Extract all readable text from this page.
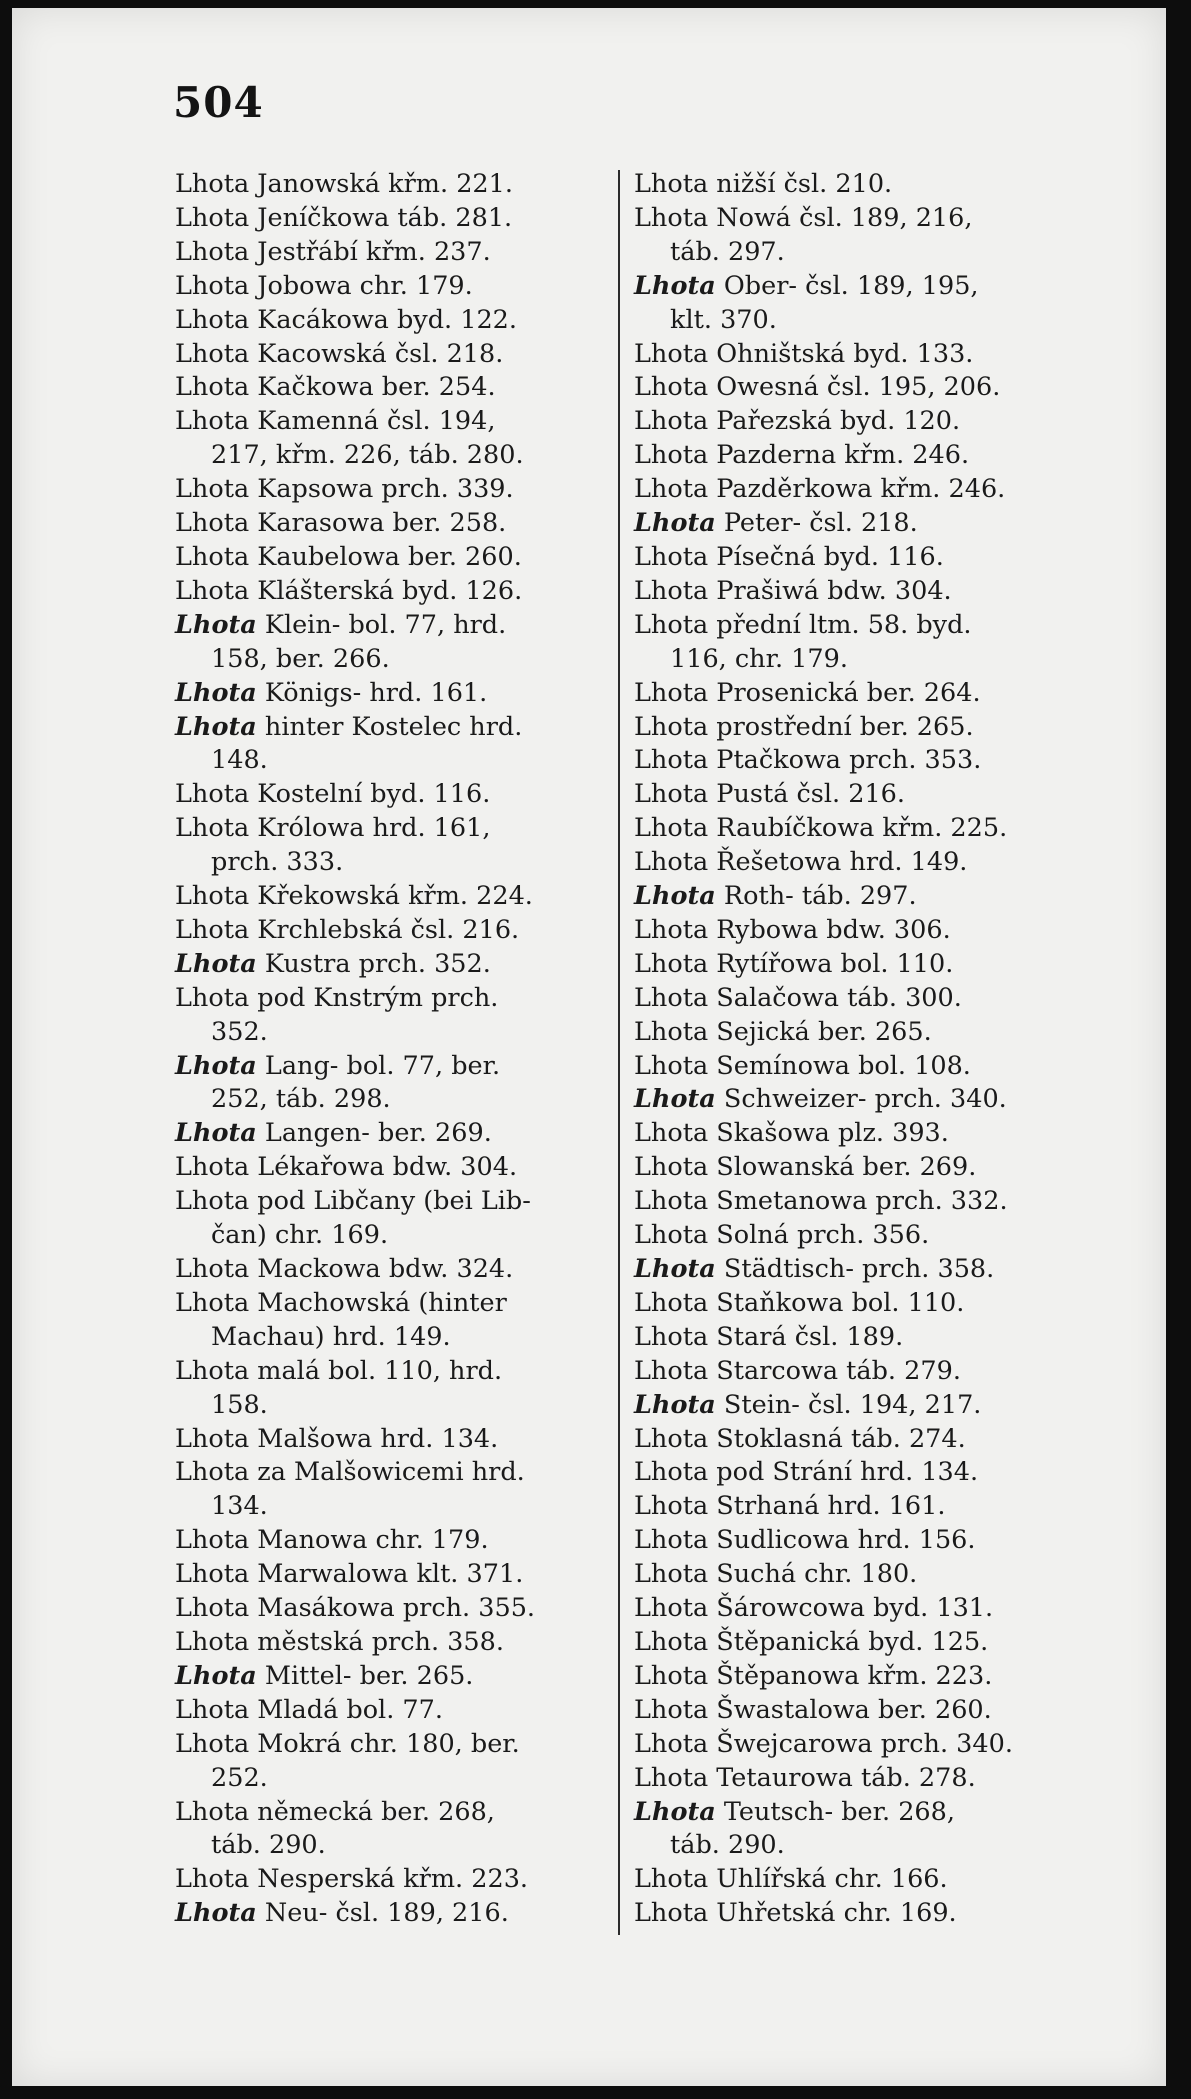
504
Lhota Janowská křm. 221.
Lhota Jeníčkowa táb. 281.
Lhota Jestřábí křm. 237.
Lhota Jobowa chr. 179.
Lhota Kacákowa byd. 122.
Lhota Kacowská čsl. 218.
Lhota Kačkowa ber. 254.
Lhota Kamenná čsl. 194,
217, křm. 226, táb. 280.
Lhota Kapsowa prch. 339.
Lhota Karasowa ber. 258.
Lhota Kaubelowa ber. 260.
Lhota Klášterská byd. 126.
Lhota Klein- bol. 77, hrd.
158, ber. 266.
Lhota Königs- hrd. 161.
Lhota hinter Kostelec hrd.
148.
Lhota Kostelní byd. 116.
Lhota Królowa hrd. 161,
prch. 333.
Lhota Křekowská křm. 224.
Lhota Krchlebská čsl. 216.
Lhota Kustra prch. 352.
Lhota pod Knstrým prch.
352.
Lhota Lang- bol. 77, ber.
252, táb. 298.
Lhota Langen- ber. 269.
Lhota Lékařowa bdw. 304.
Lhota pod Libčany (bei Lib-
čan) chr. 169.
Lhota Mackowa bdw. 324.
Lhota Machowská (hinter
Machau) hrd. 149.
Lhota malá bol. 110, hrd.
158.
Lhota Malšowa hrd. 134.
Lhota za Malšowicemi hrd.
134.
Lhota Manowa chr. 179.
Lhota Marwalowa klt. 371.
Lhota Masákowa prch. 355.
Lhota městská prch. 358.
Lhota Mittel- ber. 265.
Lhota Mladá bol. 77.
Lhota Mokrá chr. 180, ber.
252.
Lhota německá ber. 268,
táb. 290.
Lhota Nesperská křm. 223.
Lhota Neu- čsl. 189, 216.
Lhota nižší čsl. 210.
Lhota Nowá čsl. 189, 216,
táb. 297.
Lhota Ober- čsl. 189, 195,
klt. 370.
Lhota Ohništská byd. 133.
Lhota Owesná čsl. 195, 206.
Lhota Pařezská byd. 120.
Lhota Pazderna křm. 246.
Lhota Pazděrkowa křm. 246.
Lhota Peter- čsl. 218.
Lhota Písečná byd. 116.
Lhota Prašiwá bdw. 304.
Lhota přední ltm. 58. byd.
116, chr. 179.
Lhota Prosenická ber. 264.
Lhota prostřední ber. 265.
Lhota Ptačkowa prch. 353.
Lhota Pustá čsl. 216.
Lhota Raubíčkowa křm. 225.
Lhota Řešetowa hrd. 149.
Lhota Roth- táb. 297.
Lhota Rybowa bdw. 306.
Lhota Rytířowa bol. 110.
Lhota Salačowa táb. 300.
Lhota Sejická ber. 265.
Lhota Semínowa bol. 108.
Lhota Schweizer- prch. 340.
Lhota Skašowa plz. 393.
Lhota Slowanská ber. 269.
Lhota Smetanowa prch. 332.
Lhota Solná prch. 356.
Lhota Städtisch- prch. 358.
Lhota Staňkowa bol. 110.
Lhota Stará čsl. 189.
Lhota Starcowa táb. 279.
Lhota Stein- čsl. 194, 217.
Lhota Stoklasná táb. 274.
Lhota pod Strání hrd. 134.
Lhota Strhaná hrd. 161.
Lhota Sudlicowa hrd. 156.
Lhota Suchá chr. 180.
Lhota Šárowcowa byd. 131.
Lhota Štěpanická byd. 125.
Lhota Štěpanowa křm. 223.
Lhota Šwastalowa ber. 260.
Lhota Šwejcarowa prch. 340.
Lhota Tetaurowa táb. 278.
Lhota Teutsch- ber. 268,
táb. 290.
Lhota Uhlířská chr. 166.
Lhota Uhřetská chr. 169.
